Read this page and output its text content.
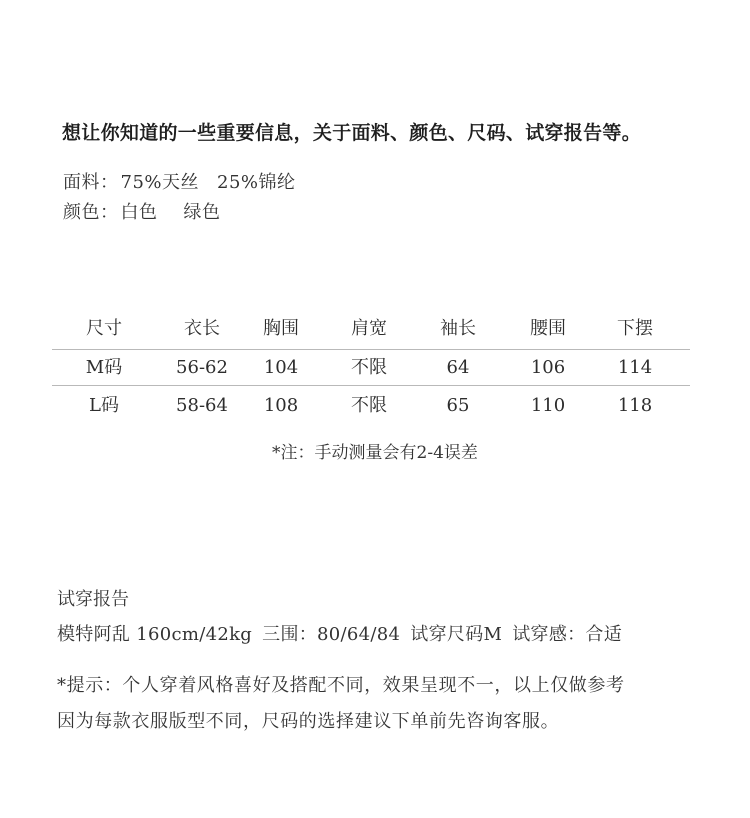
想让你知道的一些重要信息，关于面料、颜色、尺码、试穿报告等。
面料： 75%天丝 25%锦纶
颜色： 白色 绿色
尺寸	衣长	胸围	肩宽	袖长	腰围	下摆
M码	56-62	104	不限	64	106	114
L码	58-64	108	不限	65	110	118
*注：手动测量会有2-4误差
试穿报告
模特阿乱 160cm/42kg 三围：80/64/84 试穿尺码M 试穿感：合适
*提示：个人穿着风格喜好及搭配不同，效果呈现不一，以上仅做参考
因为每款衣服版型不同，尺码的选择建议下单前先咨询客服。
